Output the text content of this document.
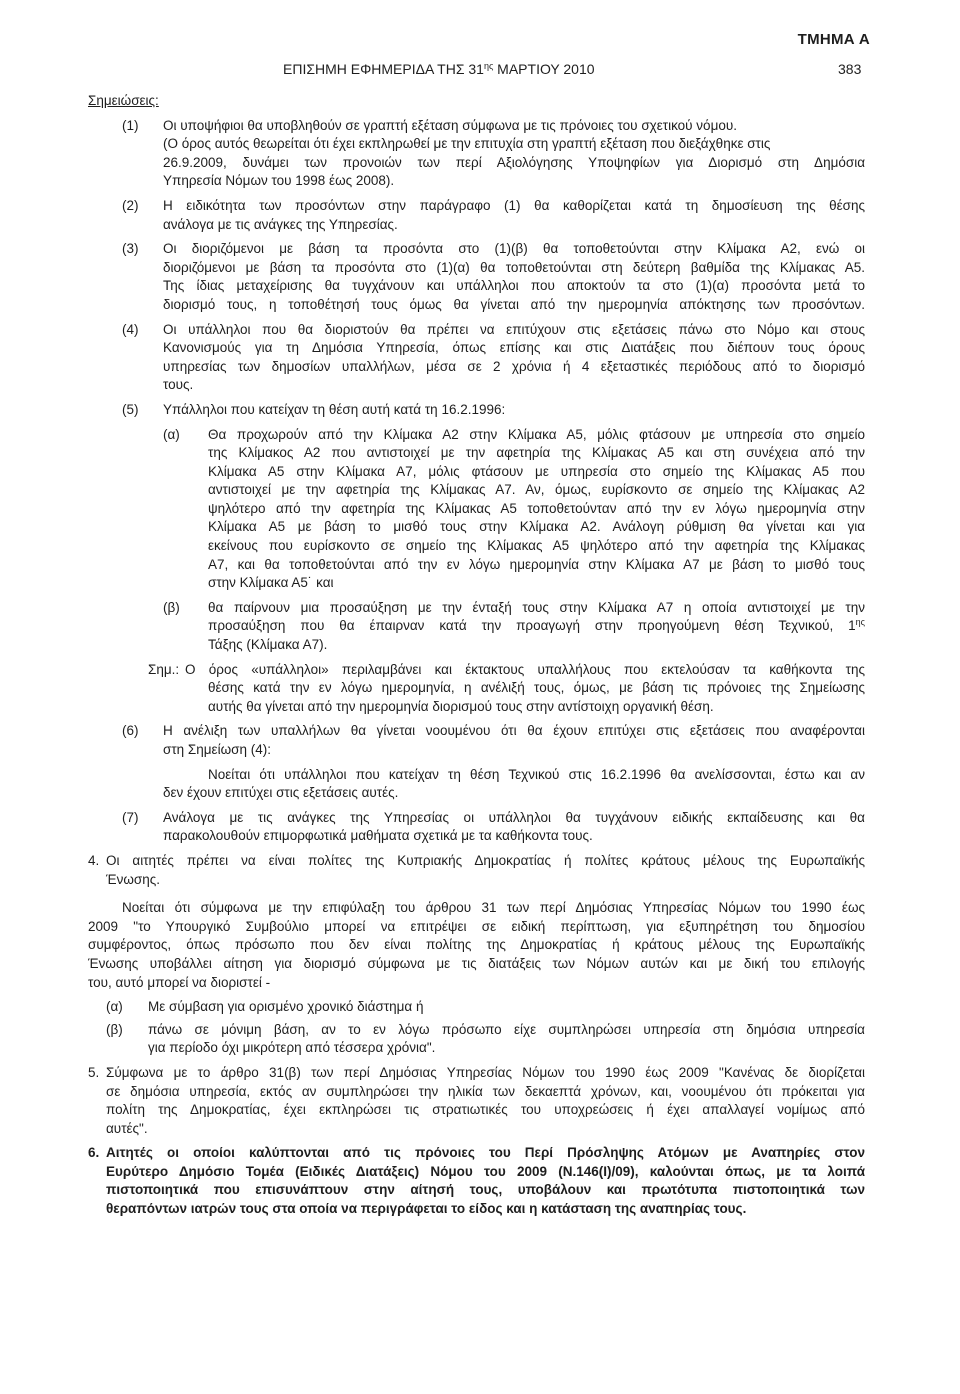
ΤΜΗΜΑ Α
ΕΠΙΣΗΜΗ ΕΦΗΜΕΡΙΔΑ ΤΗΣ $31^{\eta\varsigma}$ ΜΑΡΤΙΟΥ 2010	383
Σημειώσεις:
(1) Οι υποψήφιοι θα υποβληθούν σε γραπτή εξέταση σύμφωνα με τις πρόνοιες του σχετικού νόμου.
(Ο όρος αυτός θεωρείται ότι έχει εκπληρωθεί με την επιτυχία στη γραπτή εξέταση που διεξάχθηκε στις
26.9.2009, δυνάμει των προνοιών των περί Αξιολόγησης Υποψηφίων για Διορισμό στη Δημόσια
Υπηρεσία Νόμων του 1998 έως 2008).
(2) Η ειδικότητα των προσόντων στην παράγραφο (1) θα καθορίζεται κατά τη δημοσίευση της θέσης
ανάλογα με τις ανάγκες της Υπηρεσίας.
(3) Οι διοριζόμενοι με βάση τα προσόντα στο (1)(β) θα τοποθετούνται στην Κλίμακα Α2, ενώ οι
διοριζόμενοι με βάση τα προσόντα στο (1)(α) θα τοποθετούνται στη δεύτερη βαθμίδα της Κλίμακας Α5.
Της ίδιας μεταχείρισης θα τυγχάνουν και υπάλληλοι που αποκτούν τα στο (1)(α) προσόντα μετά το
διορισμό τους, η τοποθέτησή τους όμως θα γίνεται από την ημερομηνία απόκτησης των προσόντων.
(4) Οι υπάλληλοι που θα διοριστούν θα πρέπει να επιτύχουν στις εξετάσεις πάνω στο Νόμο και στους
Κανονισμούς για τη Δημόσια Υπηρεσία, όπως επίσης και στις Διατάξεις που διέπουν τους όρους
υπηρεσίας των δημοσίων υπαλλήλων, μέσα σε 2 χρόνια ή 4 εξεταστικές περιόδους από το διορισμό
τους.
(5) Υπάλληλοι που κατείχαν τη θέση αυτή κατά τη 16.2.1996:
(α) Θα προχωρούν από την Κλίμακα Α2 στην Κλίμακα Α5, μόλις φτάσουν με υπηρεσία στο σημείο
της Κλίμακος Α2 που αντιστοιχεί με την αφετηρία της Κλίμακας Α5 και στη συνέχεια από την
Κλίμακα Α5 στην Κλίμακα Α7, μόλις φτάσουν με υπηρεσία στο σημείο της Κλίμακας Α5 που
αντιστοιχεί με την αφετηρία της Κλίμακας Α7. Αν, όμως, ευρίσκοντο σε σημείο της Κλίμακας Α2
ψηλότερο από την αφετηρία της Κλίμακας Α5 τοποθετούνταν από την εν λόγω ημερομηνία στην
Κλίμακα Α5 με βάση το μισθό τους στην Κλίμακα Α2. Ανάλογη ρύθμιση θα γίνεται και για
εκείνους που ευρίσκοντο σε σημείο της Κλίμακας Α5 ψηλότερο από την αφετηρία της Κλίμακας
Α7, και θα τοποθετούνται από την εν λόγω ημερομηνία στην Κλίμακα Α7 με βάση το μισθό τους
στην Κλίμακα Α5˙ και
(β) θα παίρνουν μια προσαύξηση με την ένταξή τους στην Κλίμακα Α7 η οποία αντιστοιχεί με την
προσαύξηση που θα έπαιρναν κατά την προαγωγή στην προηγούμενη θέση Τεχνικού, $1^{\eta\varsigma}$
Τάξης (Κλίμακα Α7).
Σημ.: Ο όρος «υπάλληλοι» περιλαμβάνει και έκτακτους υπαλλήλους που εκτελούσαν τα καθήκοντα της
θέσης κατά την εν λόγω ημερομηνία, η ανέλιξή τους, όμως, με βάση τις πρόνοιες της Σημείωσης
αυτής θα γίνεται από την ημερομηνία διορισμού τους στην αντίστοιχη οργανική θέση.
(6) Η ανέλιξη των υπαλλήλων θα γίνεται νοουμένου ότι θα έχουν επιτύχει στις εξετάσεις που αναφέρονται
στη Σημείωση (4):
Νοείται ότι υπάλληλοι που κατείχαν τη θέση Τεχνικού στις 16.2.1996 θα ανελίσσονται, έστω και αν
δεν έχουν επιτύχει στις εξετάσεις αυτές.
(7) Ανάλογα με τις ανάγκες της Υπηρεσίας οι υπάλληλοι θα τυγχάνουν ειδικής εκπαίδευσης και θα
παρακολουθούν επιμορφωτικά μαθήματα σχετικά με τα καθήκοντα τους.
4. Οι αιτητές πρέπει να είναι πολίτες της Κυπριακής Δημοκρατίας ή πολίτες κράτους μέλους της Ευρωπαϊκής
Ένωσης.
Νοείται ότι σύμφωνα με την επιφύλαξη του άρθρου 31 των περί Δημόσιας Υπηρεσίας Νόμων του 1990 έως
2009 "το Υπουργικό Συμβούλιο μπορεί να επιτρέψει σε ειδική περίπτωση, για εξυπηρέτηση του δημοσίου
συμφέροντος, όπως πρόσωπο που δεν είναι πολίτης της Δημοκρατίας ή κράτους μέλους της Ευρωπαϊκής
Ένωσης υποβάλλει αίτηση για διορισμό σύμφωνα με τις διατάξεις των Νόμων αυτών και με δική του επιλογής
του, αυτό μπορεί να διοριστεί -
(α) Με σύμβαση για ορισμένο χρονικό διάστημα ή
(β) πάνω σε μόνιμη βάση, αν το εν λόγω πρόσωπο είχε συμπληρώσει υπηρεσία στη δημόσια υπηρεσία
για περίοδο όχι μικρότερη από τέσσερα χρόνια".
5. Σύμφωνα με το άρθρο 31(β) των περί Δημόσιας Υπηρεσίας Νόμων του 1990 έως 2009 "Κανένας δε διορίζεται
σε δημόσια υπηρεσία, εκτός αν συμπληρώσει την ηλικία των δεκαεπτά χρόνων, και, νοουμένου ότι πρόκειται για
πολίτη της Δημοκρατίας, έχει εκπληρώσει τις στρατιωτικές του υποχρεώσεις ή έχει απαλλαγεί νομίμως από
αυτές".
6. Αιτητές οι οποίοι καλύπτονται από τις πρόνοιες του Περί Πρόσληψης Ατόμων με Αναπηρίες στον
Ευρύτερο Δημόσιο Τομέα (Ειδικές Διατάξεις) Νόμου του 2009 (Ν.146(Ι)/09), καλούνται όπως, με τα λοιπά
πιστοποιητικά που επισυνάπτουν στην αίτησή τους, υποβάλουν και πρωτότυπα πιστοποιητικά των
θεραπόντων ιατρών τους στα οποία να περιγράφεται το είδος και η κατάσταση της αναπηρίας τους.
